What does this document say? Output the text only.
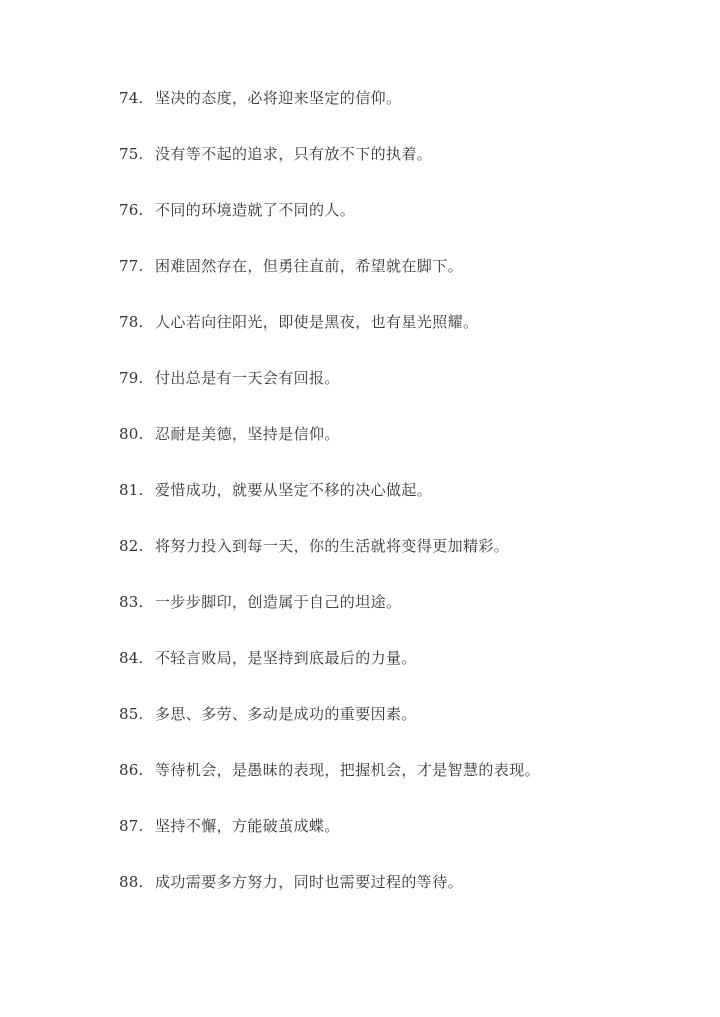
74. 坚决的态度，必将迎来坚定的信仰。
75. 没有等不起的追求，只有放不下的执着。
76. 不同的环境造就了不同的人。
77. 困难固然存在，但勇往直前，希望就在脚下。
78. 人心若向往阳光，即使是黑夜，也有星光照耀。
79. 付出总是有一天会有回报。
80. 忍耐是美德，坚持是信仰。
81. 爱惜成功，就要从坚定不移的决心做起。
82. 将努力投入到每一天，你的生活就将变得更加精彩。
83. 一步步脚印，创造属于自己的坦途。
84. 不轻言败局，是坚持到底最后的力量。
85. 多思、多劳、多动是成功的重要因素。
86. 等待机会，是愚昧的表现，把握机会，才是智慧的表现。
87. 坚持不懈，方能破茧成蝶。
88. 成功需要多方努力，同时也需要过程的等待。
